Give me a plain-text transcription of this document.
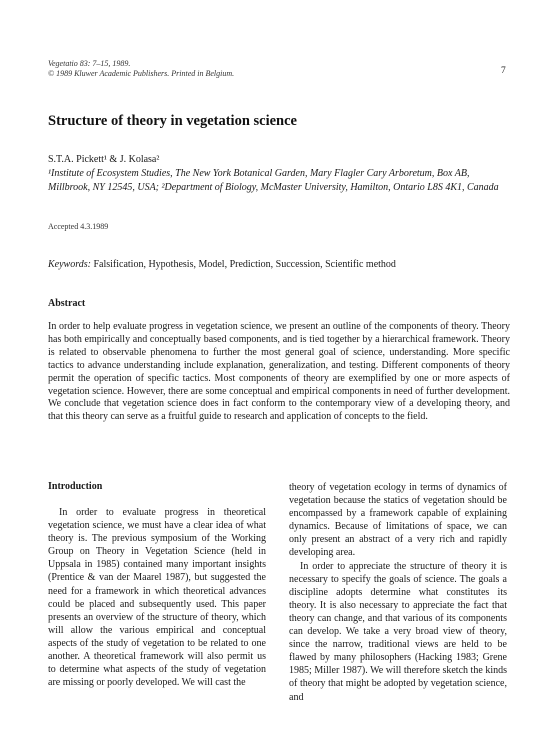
Vegetatio 83: 7–15, 1989.
© 1989 Kluwer Academic Publishers. Printed in Belgium.	7
Structure of theory in vegetation science
S.T.A. Pickett¹ & J. Kolasa²
¹Institute of Ecosystem Studies, The New York Botanical Garden, Mary Flagler Cary Arboretum, Box AB, Millbrook, NY 12545, USA; ²Department of Biology, McMaster University, Hamilton, Ontario L8S 4K1, Canada
Accepted 4.3.1989
Keywords: Falsification, Hypothesis, Model, Prediction, Succession, Scientific method
Abstract
In order to help evaluate progress in vegetation science, we present an outline of the components of theory. Theory has both empirically and conceptually based components, and is tied together by a hierarchical framework. Theory is related to observable phenomena to further the most general goal of science, understanding. More specific tactics to advance understanding include explanation, generalization, and testing. Different components of theory permit the operation of specific tactics. Most components of theory are exemplified by one or more aspects of vegetation science. However, there are some conceptual and empirical components in need of further development. We conclude that vegetation science does in fact conform to the contemporary view of a developing theory, and that this theory can serve as a fruitful guide to research and application of concepts to the field.
Introduction

In order to evaluate progress in theoretical vegetation science, we must have a clear idea of what theory is. The previous symposium of the Working Group on Theory in Vegetation Science (held in Uppsala in 1985) contained many important insights (Prentice & van der Maarel 1987), but suggested the need for a framework in which theoretical advances could be placed and subsequently used. This paper presents an overview of the structure of theory, which will allow the various empirical and conceptual aspects of the study of vegetation to be related to one another. A theoretical framework will also permit us to determine what aspects of the study of vegetation are missing or poorly developed. We will cast the

theory of vegetation ecology in terms of dynamics of vegetation because the statics of vegetation should be encompassed by a framework capable of explaining dynamics. Because of limitations of space, we can only present an abstract of a very rich and rapidly developing area.

In order to appreciate the structure of theory it is necessary to specify the goals of science. The goals a discipline adopts determine what constitutes its theory. It is also necessary to appreciate the fact that theory can change, and that various of its components can develop. We take a very broad view of theory, since the narrow, traditional views are held to be flawed by many philosophers (Hacking 1983; Grene 1985; Miller 1987). We will therefore sketch the kinds of theory that might be adopted by vegetation science, and
